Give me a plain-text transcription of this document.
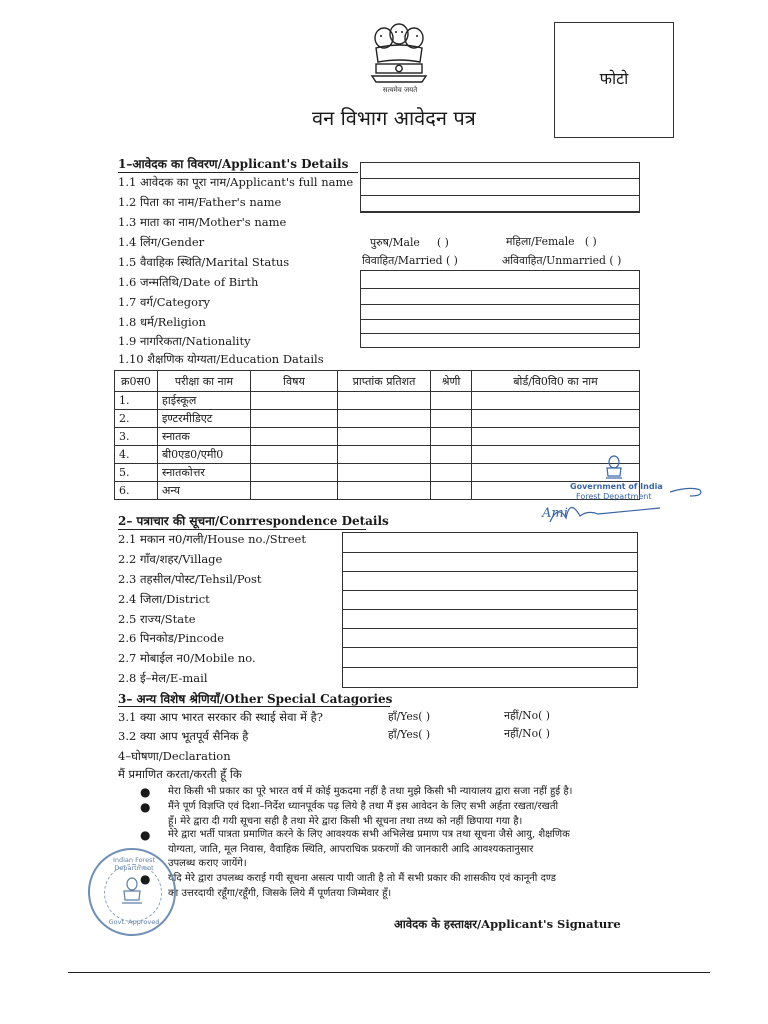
सत्यमेव जयते
वन विभाग आवेदन पत्र
फोटो
1–आवेदक का विवरण/Applicant's Details
1.1 आवेदक का पूरा नाम/Applicant's full name
1.2 पिता का नाम/Father's name
1.3 माता का नाम/Mother's name
1.4 लिंग/Gender	पुरुष/Male ( )	महिला/Female ( )
1.5 वैवाहिक स्थिति/Marital Status	विवाहित/Married ( )	अविवाहित/Unmarried ( )
1.6 जन्मतिथि/Date of Birth
1.7 वर्ग/Category
1.8 धर्म/Religion
1.9 नागरिकता/Nationality
1.10 शैक्षणिक योग्यता/Education Datails
क्र0स0	परीक्षा का नाम	विषय	प्राप्तांक प्रतिशत	श्रेणी	बोर्ड/वि0वि0 का नाम
1.	हाईस्कूल				
2.	इण्टरमीडिएट				
3.	स्नातक				
4.	बी0एड0/एमी0				
5.	स्नातकोत्तर				
6.	अन्य					Government of India
Forest Department
Ami
2– पत्राचार की सूचना/Conrrespondence Details
2.1 मकान न0/गली/House no./Street
2.2 गाँव/शहर/Village
2.3 तहसील/पोस्ट/Tehsil/Post
2.4 जिला/District
2.5 राज्य/State
2.6 पिनकोड/Pincode
2.7 मोबाईल न0/Mobile no.
2.8 ई–मेल/E-mail
3– अन्य विशेष श्रेणियाँ/Other Special Catagories
3.1 क्या आप भारत सरकार की स्थाई सेवा में है?	हाँ/Yes( )	नहीं/No( )
3.2 क्या आप भूतपूर्व सैनिक है	हाँ/Yes( )	नहीं/No( )
4–घोषणा/Declaration
मैं प्रमाणित करता/करती हूँ कि
● मेरा किसी भी प्रकार का पूरे भारत वर्ष में कोई मुकदमा नहीं है तथा मुझे किसी भी न्यायालय द्वारा सजा नहीं हुई है।
● मैंने पूर्ण विज्ञप्ति एवं दिशा–निर्देश ध्यानपूर्वक पढ़ लिये है तथा मैं इस आवेदन के लिए सभी अर्हता रखता/रखती
हूँ। मेरे द्वारा दी गयी सूचना सही है तथा मेरे द्वारा किसी भी सूचना तथा तथ्य को नहीं छिपाया गया है।
● मेरे द्वारा भर्ती पात्रता प्रमाणित करने के लिए आवश्यक सभी अभिलेख प्रमाण पत्र तथा सूचना जैसे आयु, शैक्षणिक
योग्यता, जाति, मूल निवास, वैवाहिक स्थिति, आपराधिक प्रकरणों की जानकारी आदि आवश्यकतानुसार
उपलब्ध कराए जायेंगे।
● यदि मेरे द्वारा उपलब्ध कराई गयी सूचना असत्य पायी जाती है तो मैं सभी प्रकार की शासकीय एवं कानूनी दण्ड
का उत्तरदायी रहूँगा/रहूँगी, जिसके लिये मैं पूर्णतया जिम्मेवार हूँ।
Indian Forest Department
Govt. Approved	आवेदक के हस्ताक्षर/Applicant's Signature
